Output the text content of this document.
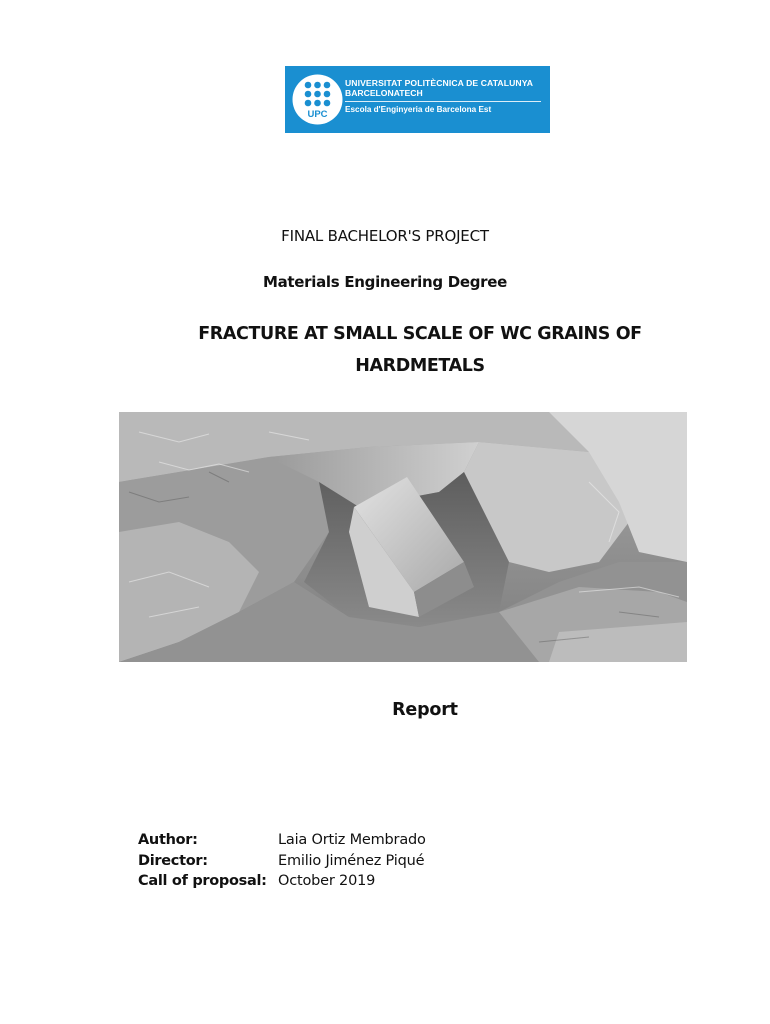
UPC
UNIVERSITAT POLITÈCNICA DE CATALUNYA
BARCELONATECH
Escola d'Enginyeria de Barcelona Est
FINAL BACHELOR'S PROJECT
Materials Engineering Degree
FRACTURE AT SMALL SCALE OF WC GRAINS OF HARDMETALS
Report
Author:	Laia Ortiz Membrado
Director:	Emilio Jiménez Piqué
Call of proposal: October 2019
